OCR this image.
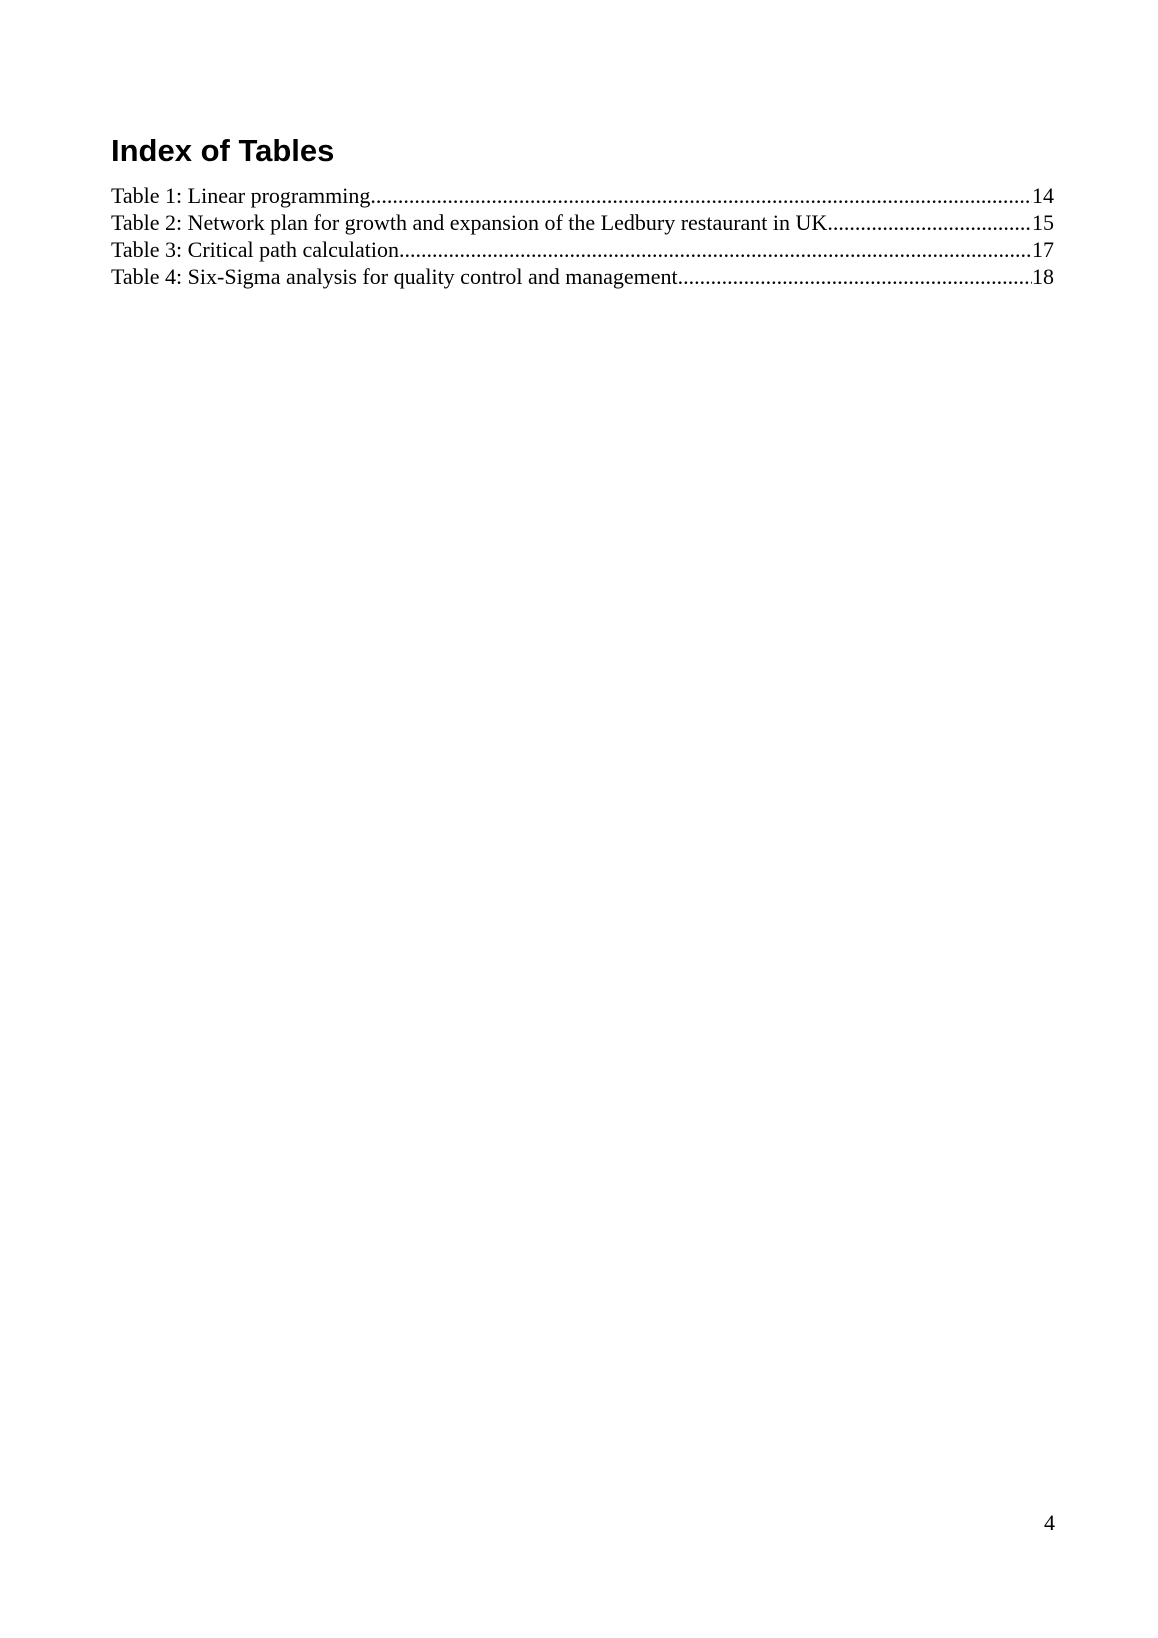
Index of Tables
Table 1: Linear programming .....	14
Table 2: Network plan for growth and expansion of the Ledbury restaurant in UK .....	15
Table 3: Critical path calculation .....	17
Table 4: Six-Sigma analysis for quality control and management .....	18
4
